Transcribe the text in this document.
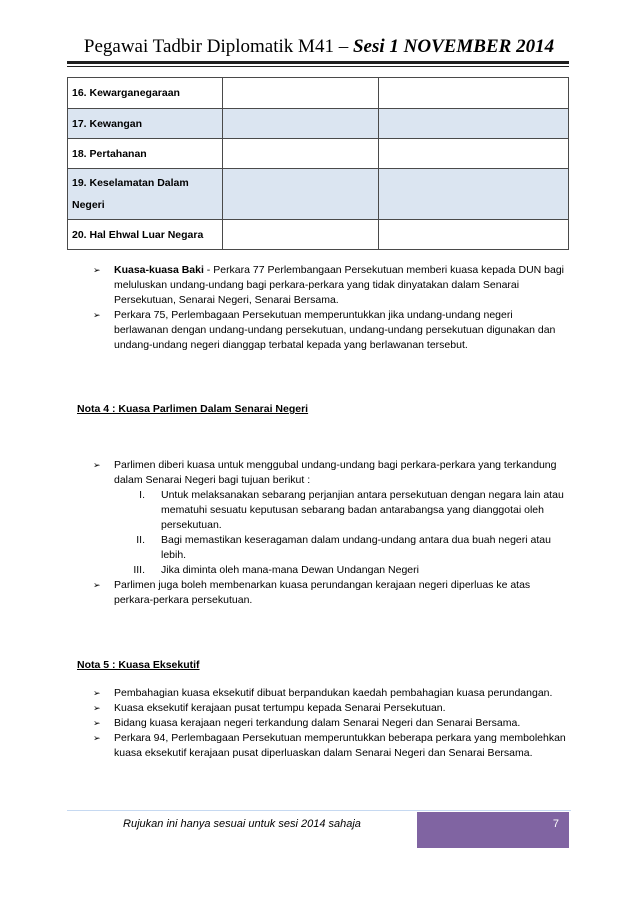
Pegawai Tadbir Diplomatik M41 – Sesi 1 NOVEMBER 2014
16. Kewarganegaraan		
17. Kewangan		
18. Pertahanan		
19. Keselamatan Dalam
Negeri		
20. Hal Ehwal Luar Negara		
➢ Kuasa-kuasa Baki - Perkara 77 Perlembangaan Persekutuan memberi kuasa kepada DUN bagi meluluskan undang-undang bagi perkara-perkara yang tidak dinyatakan dalam Senarai Persekutuan, Senarai Negeri, Senarai Bersama.
➢ Perkara 75, Perlembagaan Persekutuan memperuntukkan jika undang-undang negeri berlawanan dengan undang-undang persekutuan, undang-undang persekutuan digunakan dan undang-undang negeri dianggap terbatal kepada yang berlawanan tersebut.
Nota 4 : Kuasa Parlimen Dalam Senarai Negeri
➢ Parlimen diberi kuasa untuk menggubal undang-undang bagi perkara-perkara yang terkandung dalam Senarai Negeri bagi tujuan berikut :
I. Untuk melaksanakan sebarang perjanjian antara persekutuan dengan negara lain atau mematuhi sesuatu keputusan sebarang badan antarabangsa yang dianggotai oleh persekutuan.
II. Bagi memastikan keseragaman dalam undang-undang antara dua buah negeri atau lebih.
III. Jika diminta oleh mana-mana Dewan Undangan Negeri
➢ Parlimen juga boleh membenarkan kuasa perundangan kerajaan negeri diperluas ke atas perkara-perkara persekutuan.
Nota 5 : Kuasa Eksekutif
➢ Pembahagian kuasa eksekutif dibuat berpandukan kaedah pembahagian kuasa perundangan.
➢ Kuasa eksekutif kerajaan pusat tertumpu kepada Senarai Persekutuan.
➢ Bidang kuasa kerajaan negeri terkandung dalam Senarai Negeri dan Senarai Bersama.
➢ Perkara 94, Perlembagaan Persekutuan memperuntukkan beberapa perkara yang membolehkan kuasa eksekutif kerajaan pusat diperluaskan dalam Senarai Negeri dan Senarai Bersama.
Rujukan ini hanya sesuai untuk sesi 2014 sahaja	7
